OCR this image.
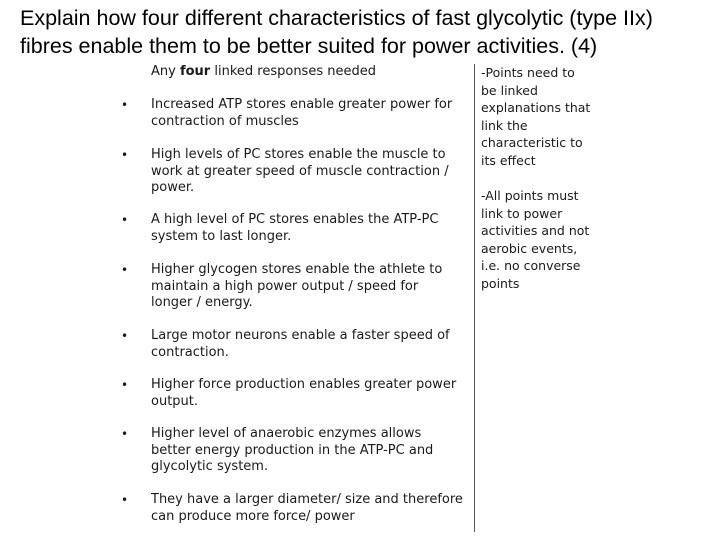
Explain how four different characteristics of fast glycolytic (type IIx) fibres enable them to be better suited for power activities. (4)
Any four linked responses needed
• Increased ATP stores enable greater power for contraction of muscles
• High levels of PC stores enable the muscle to work at greater speed of muscle contraction / power.
• A high level of PC stores enables the ATP-PC system to last longer.
• Higher glycogen stores enable the athlete to maintain a high power output / speed for longer / energy.
• Large motor neurons enable a faster speed of contraction.
• Higher force production enables greater power output.
• Higher level of anaerobic enzymes allows better energy production in the ATP-PC and glycolytic system.
• They have a larger diameter/ size and therefore can produce more force/ power
-Points need to be linked explanations that link the characteristic to its effect
-All points must link to power activities and not aerobic events, i.e. no converse points
